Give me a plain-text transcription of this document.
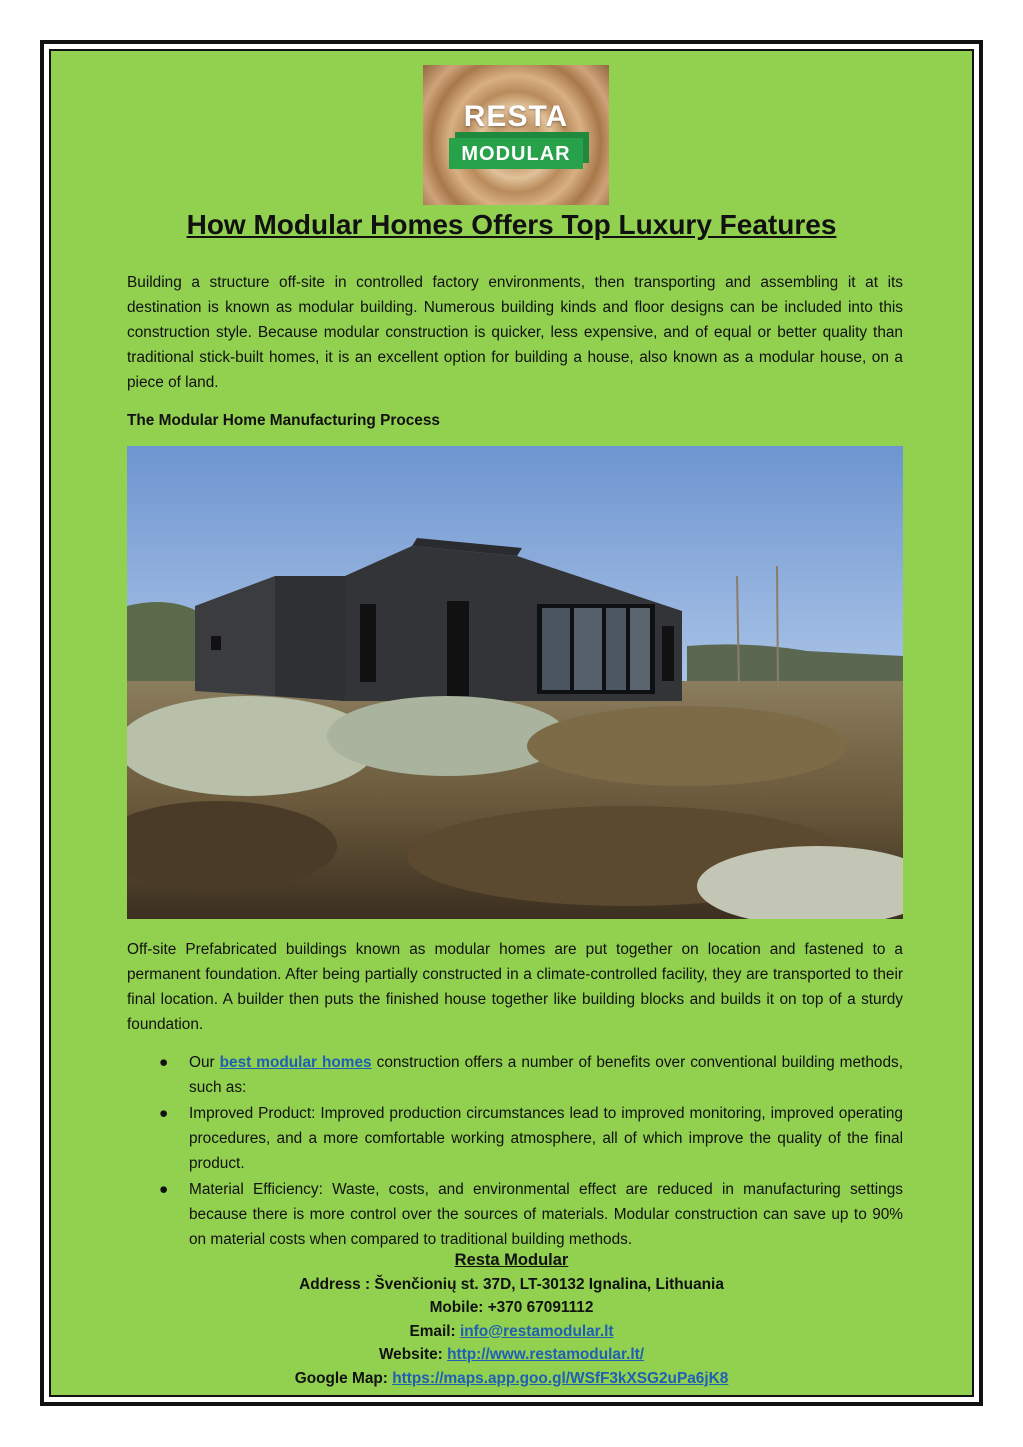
RESTA
MODULAR
How Modular Homes Offers Top Luxury Features

Building a structure off-site in controlled factory environments, then transporting and assembling it at its destination is known as modular building. Numerous building kinds and floor designs can be included into this construction style. Because modular construction is quicker, less expensive, and of equal or better quality than traditional stick-built homes, it is an excellent option for building a house, also known as a modular house, on a piece of land.

The Modular Home Manufacturing Process

Off-site Prefabricated buildings known as modular homes are put together on location and fastened to a permanent foundation. After being partially constructed in a climate-controlled facility, they are transported to their final location. A builder then puts the finished house together like building blocks and builds it on top of a sturdy foundation.

● Our best modular homes construction offers a number of benefits over conventional building methods, such as:
● Improved Product: Improved production circumstances lead to improved monitoring, improved operating procedures, and a more comfortable working atmosphere, all of which improve the quality of the final product.
● Material Efficiency: Waste, costs, and environmental effect are reduced in manufacturing settings because there is more control over the sources of materials. Modular construction can save up to 90% on material costs when compared to traditional building methods.
Resta Modular
Address : Švenčionių st. 37D, LT-30132 Ignalina, Lithuania
Mobile: +370 67091112
Email: info@restamodular.lt
Website: http://www.restamodular.lt/
Google Map: https://maps.app.goo.gl/WSfF3kXSG2uPa6jK8
